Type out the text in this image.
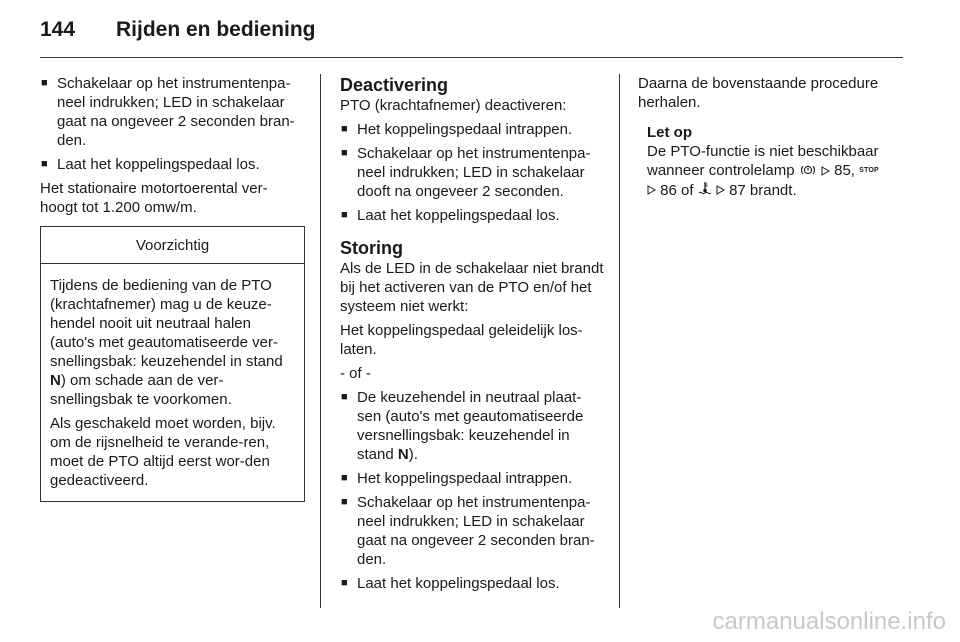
144 Rijden en bediening
■ Schakelaar op het instrumentenpa-neel indrukken; LED in schakelaar gaat na ongeveer 2 seconden bran-den.
■ Laat het koppelingspedaal los.

Het stationaire motortoerental ver-hoogt tot 1.200 omw/m.

Voorzichtig

Tijdens de bediening van de PTO (krachtafnemer) mag u de keuze-hendel nooit uit neutraal halen (auto's met geautomatiseerde ver-snellingsbak: keuzehendel in stand N) om schade aan de ver-snellingsbak te voorkomen.

Als geschakeld moet worden, bijv. om de rijsnelheid te verande-ren, moet de PTO altijd eerst wor-den gedeactiveerd.

Deactivering

PTO (krachtafnemer) deactiveren:

■ Het koppelingspedaal intrappen.
■ Schakelaar op het instrumentenpa-neel indrukken; LED in schakelaar dooft na ongeveer 2 seconden.
■ Laat het koppelingspedaal los.
Storing

Als de LED in de schakelaar niet brandt bij het activeren van de PTO en/of het systeem niet werkt:

Het koppelingspedaal geleidelijk los-laten.

- of -

■ De keuzehendel in neutraal plaat-sen (auto's met geautomatiseerde versnellingsbak: keuzehendel in stand N).
■ Het koppelingspedaal intrappen.
■ Schakelaar op het instrumentenpa-neel indrukken; LED in schakelaar gaat na ongeveer 2 seconden bran-den.
■ Laat het koppelingspedaal los.

Daarna de bovenstaande procedure herhalen.

Let op
De PTO-functie is niet beschikbaar wanneer controlelamp	85, $^{STOP}$
86 of 87 brandt.
carmanualsonline.info
